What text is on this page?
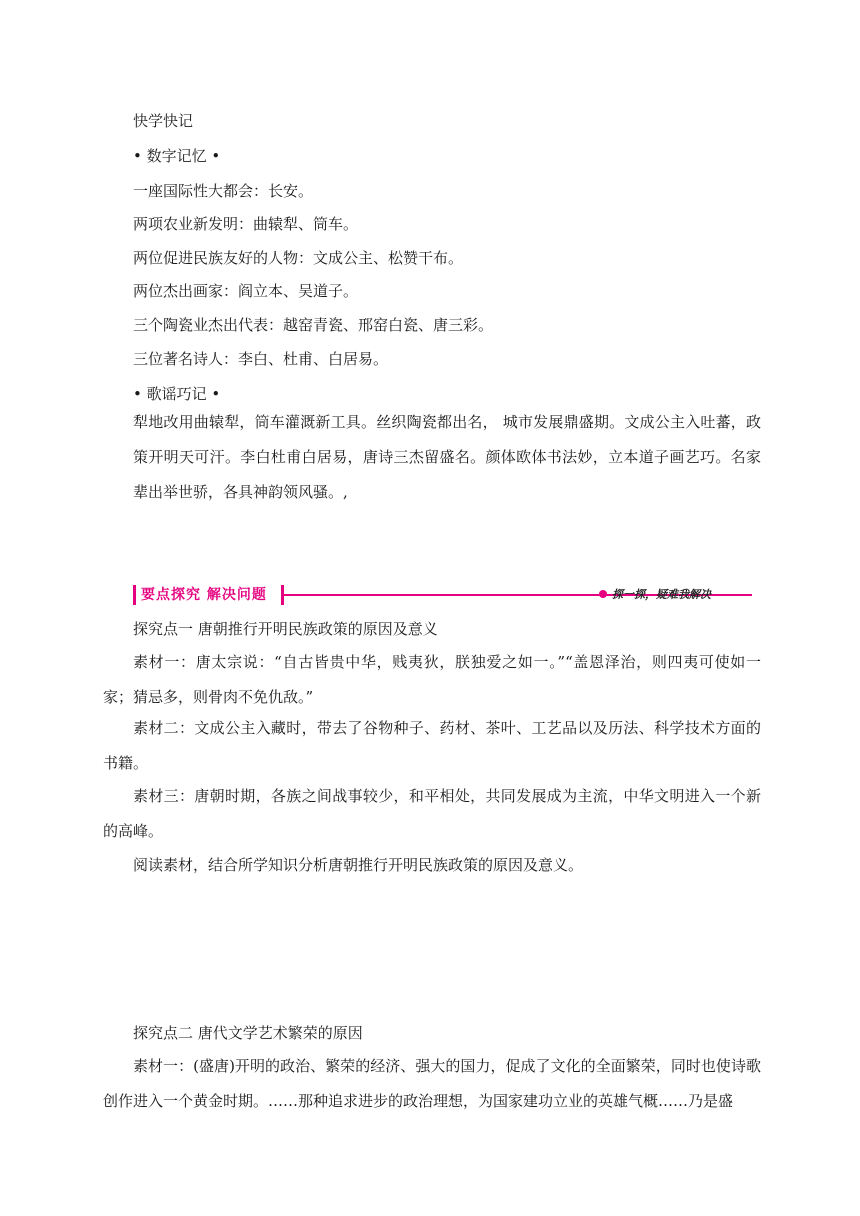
快学快记
• 数字记忆 •
一座国际性大都会：长安。
两项农业新发明：曲辕犁、筒车。
两位促进民族友好的人物：文成公主、松赞干布。
两位杰出画家：阎立本、吴道子。
三个陶瓷业杰出代表：越窑青瓷、邢窑白瓷、唐三彩。
三位著名诗人：李白、杜甫、白居易。
• 歌谣巧记 •
犁地改用曲辕犁，筒车灌溉新工具。丝织陶瓷都出名， 城市发展鼎盛期。文成公主入吐蕃，政策开明天可汗。李白杜甫白居易，唐诗三杰留盛名。颜体欧体书法妙，立本道子画艺巧。名家辈出举世骄，各具神韵领风骚。,
要点探究 解决问题	探一探，疑难我解决
探究点一 唐朝推行开明民族政策的原因及意义
素材一：唐太宗说：“自古皆贵中华，贱夷狄，朕独爱之如一。”“盖恩泽治，则四夷可使如一家；猜忌多，则骨肉不免仇敌。”
素材二：文成公主入藏时，带去了谷物种子、药材、茶叶、工艺品以及历法、科学技术方面的书籍。
素材三：唐朝时期，各族之间战事较少，和平相处，共同发展成为主流，中华文明进入一个新的高峰。
阅读素材，结合所学知识分析唐朝推行开明民族政策的原因及意义。
探究点二 唐代文学艺术繁荣的原因
素材一：(盛唐)开明的政治、繁荣的经济、强大的国力，促成了文化的全面繁荣，同时也使诗歌创作进入一个黄金时期。……那种追求进步的政治理想，为国家建功立业的英雄气概……乃是盛
